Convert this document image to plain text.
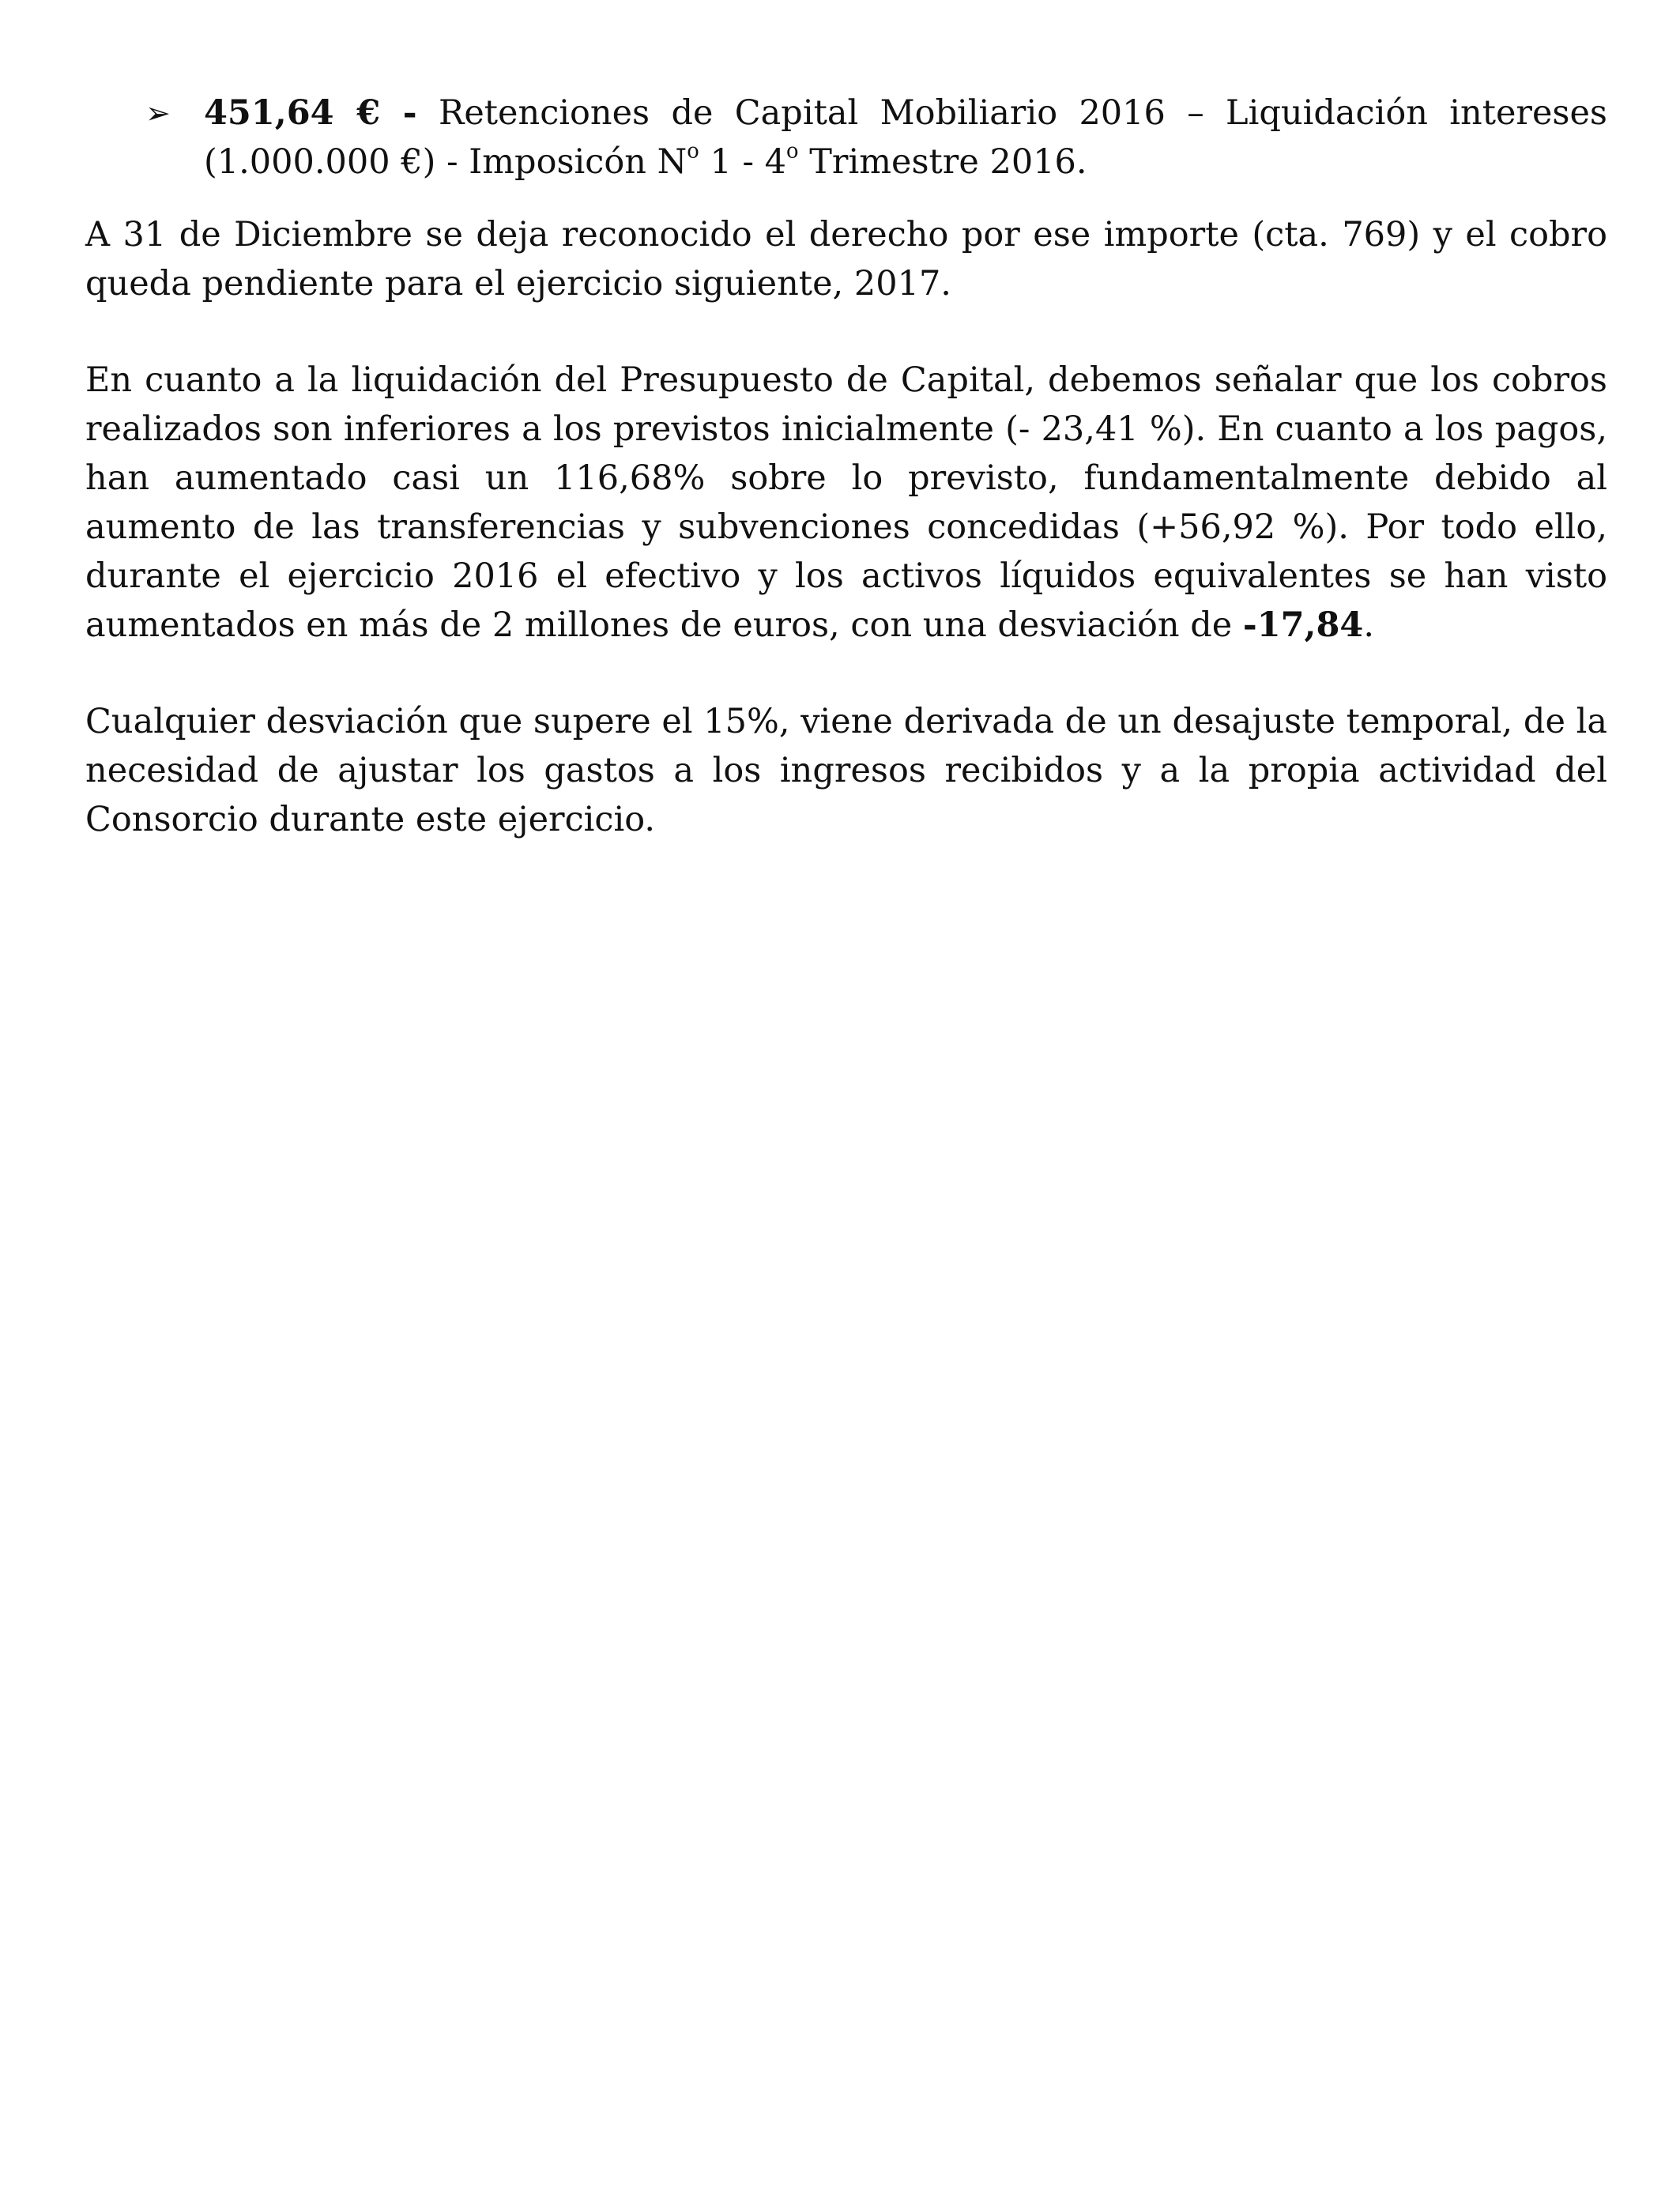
➢ 451,64 € - Retenciones de Capital Mobiliario 2016 – Liquidación intereses (1.000.000 €) - Imposicón $N^o$ 1 - 4$^o$ Trimestre 2016.

A 31 de Diciembre se deja reconocido el derecho por ese importe (cta. 769) y el cobro queda pendiente para el ejercicio siguiente, 2017.

En cuanto a la liquidación del Presupuesto de Capital, debemos señalar que los cobros realizados son inferiores a los previstos inicialmente (- 23,41 %). En cuanto a los pagos, han aumentado casi un 116,68% sobre lo previsto, fundamentalmente debido al aumento de las transferencias y subvenciones concedidas (+56,92 %). Por todo ello, durante el ejercicio 2016 el efectivo y los activos líquidos equivalentes se han visto aumentados en más de 2 millones de euros, con una desviación de -17,84.

Cualquier desviación que supere el 15%, viene derivada de un desajuste temporal, de la necesidad de ajustar los gastos a los ingresos recibidos y a la propia actividad del Consorcio durante este ejercicio.
